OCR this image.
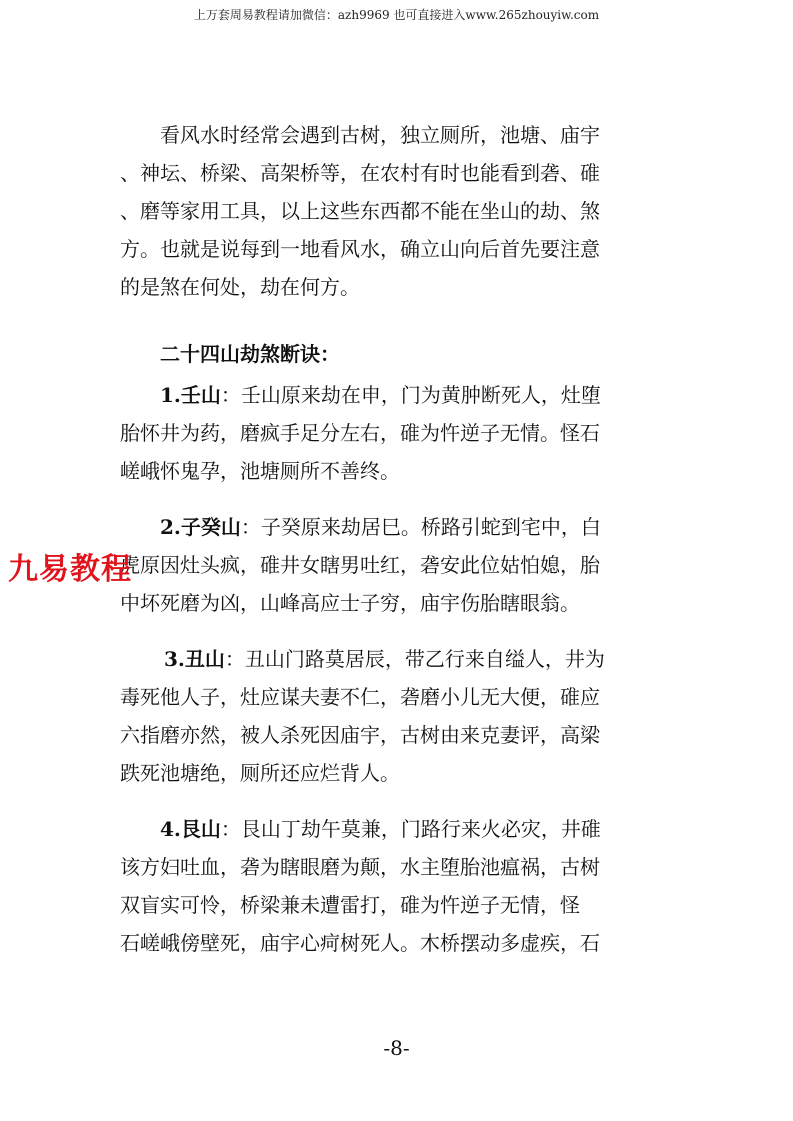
上万套周易教程请加微信：azh9969 也可直接进入www.265zhouyiw.com
看风水时经常会遇到古树，独立厕所，池塘、庙宇
、神坛、桥梁、高架桥等，在农村有时也能看到砻、碓
、磨等家用工具，以上这些东西都不能在坐山的劫、煞
方。也就是说每到一地看风水，确立山向后首先要注意
的是煞在何处，劫在何方。
二十四山劫煞断诀：
1.壬山：壬山原来劫在申，门为黄肿断死人，灶堕
胎怀井为药，磨疯手足分左右，碓为忤逆子无情。怪石
嵯峨怀鬼孕，池塘厕所不善终。
2.子癸山：子癸原来劫居巳。桥路引蛇到宅中，白
虎原因灶头疯，碓井女瞎男吐红，砻安此位姑怕媳，胎
中坏死磨为凶，山峰高应士子穷，庙宇伤胎瞎眼翁。
3.丑山：丑山门路莫居辰，带乙行来自缢人，井为
毒死他人子，灶应谋夫妻不仁，砻磨小儿无大便，碓应
六指磨亦然，被人杀死因庙宇，古树由来克妻评，高梁
跌死池塘绝，厕所还应烂背人。
4.艮山：艮山丁劫午莫兼，门路行来火必灾，井碓
该方妇吐血，砻为瞎眼磨为颠，水主堕胎池瘟祸，古树
双盲实可怜，桥梁兼未遭雷打，碓为忤逆子无情，怪
石嵯峨傍壁死，庙宇心疴树死人。木桥摆动多虚疾，石
九易教程
-8-
